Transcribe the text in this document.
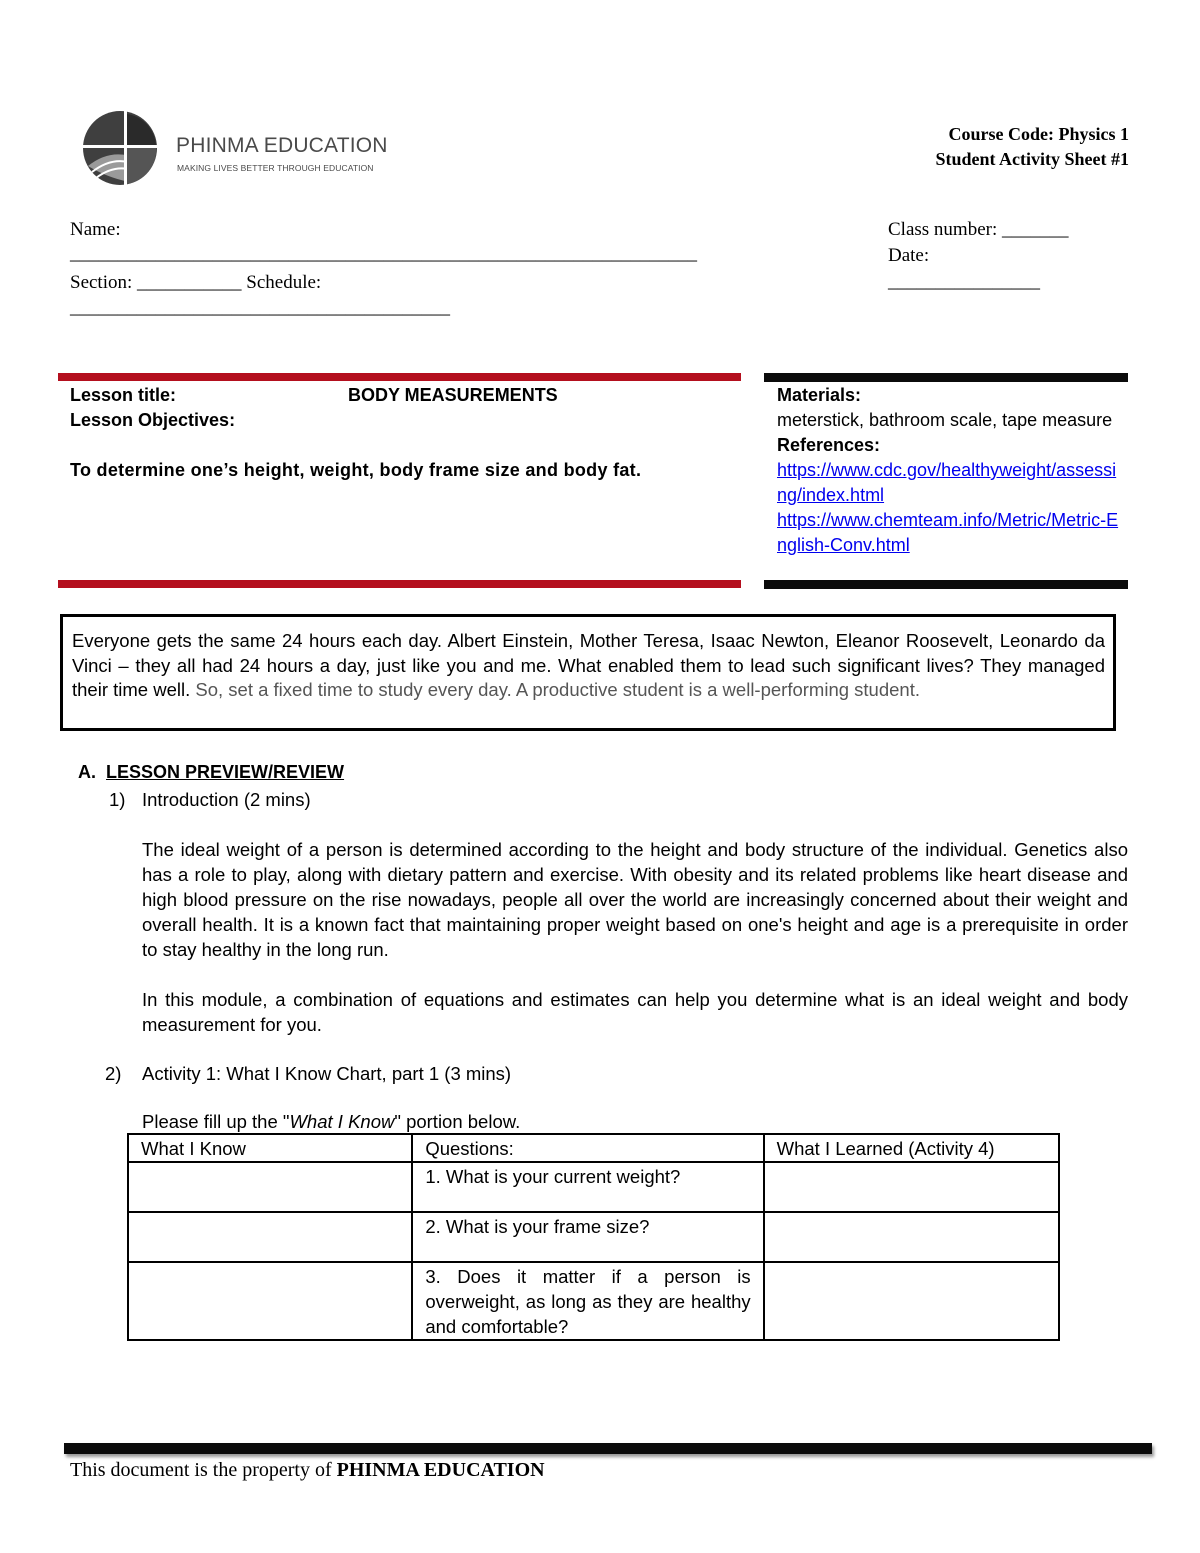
PHINMA EDUCATION
MAKING LIVES BETTER THROUGH EDUCATION
Course Code: Physics 1
Student Activity Sheet #1
Name:
__________________________________________________________________
Section: ___________ Schedule:
________________________________________
Class number: _______
Date:
________________
Lesson title:	BODY MEASUREMENTS
Lesson Objectives:
To determine one’s height, weight, body frame size and body fat.
Materials:
meterstick, bathroom scale, tape measure
References:
https://www.cdc.gov/healthyweight/assessing/index.html
https://www.chemteam.info/Metric/Metric-English-Conv.html
Everyone gets the same 24 hours each day. Albert Einstein, Mother Teresa, Isaac Newton, Eleanor Roosevelt, Leonardo da Vinci – they all had 24 hours a day, just like you and me. What enabled them to lead such significant lives? They managed their time well. So, set a fixed time to study every day. A productive student is a well-performing student.
A. LESSON PREVIEW/REVIEW
1) Introduction (2 mins)
The ideal weight of a person is determined according to the height and body structure of the individual. Genetics also has a role to play, along with dietary pattern and exercise. With obesity and its related problems like heart disease and high blood pressure on the rise nowadays, people all over the world are increasingly concerned about their weight and overall health. It is a known fact that maintaining proper weight based on one's height and age is a prerequisite in order to stay healthy in the long run.
In this module, a combination of equations and estimates can help you determine what is an ideal weight and body measurement for you.
2) Activity 1: What I Know Chart, part 1 (3 mins)
Please fill up the "What I Know" portion below.
What I Know	Questions:	What I Learned (Activity 4)
	1. What is your current weight?	
	2. What is your frame size?	
	3. Does it matter if a person is overweight, as long as they are healthy and comfortable?	
This document is the property of PHINMA EDUCATION
